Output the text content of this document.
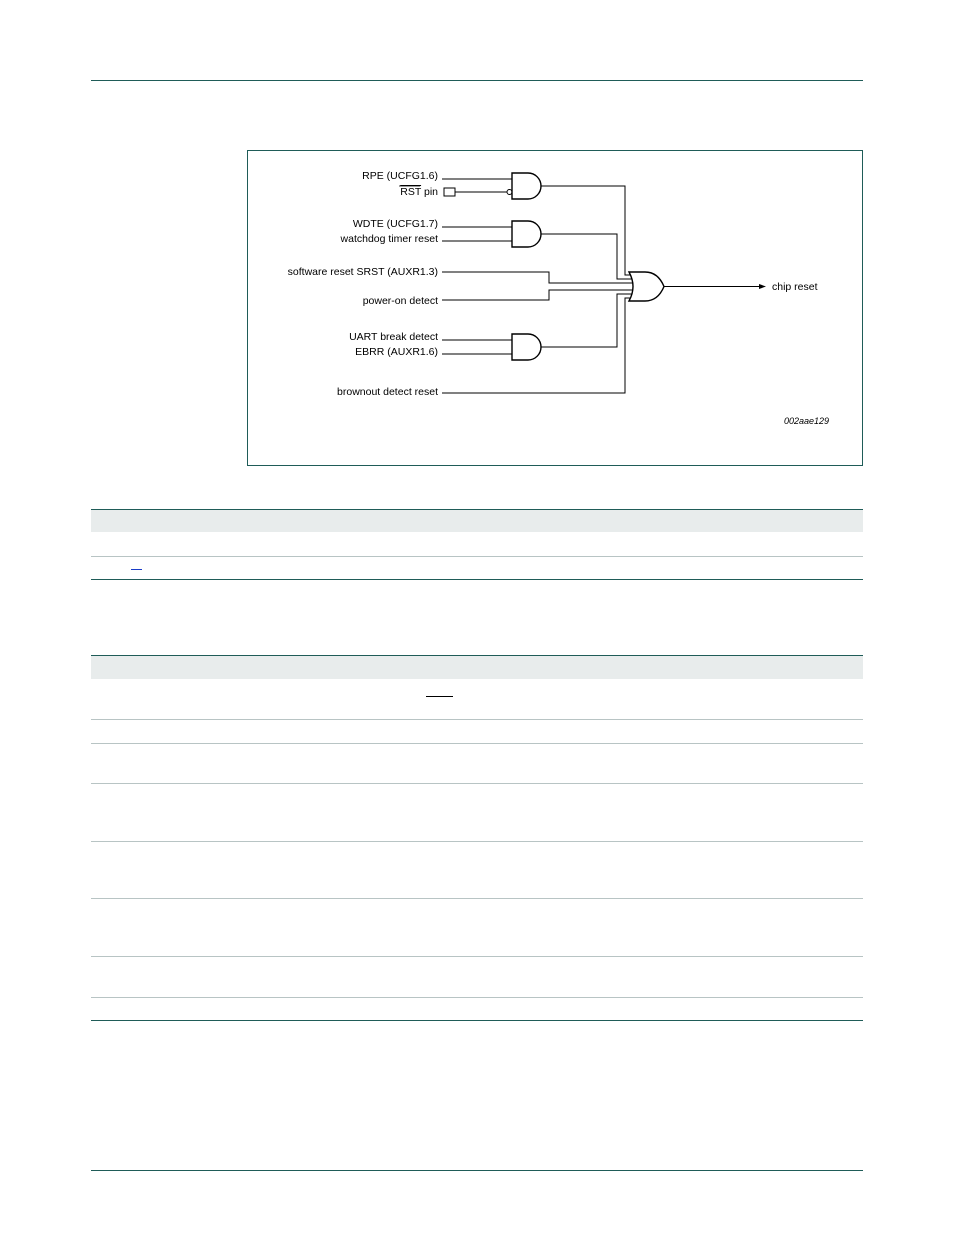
RPE (UCFG1.6)
RST pin
WDTE (UCFG1.7)
watchdog timer reset
software reset SRST (AUXR1.3)
power-on detect
UART break detect
EBRR (AUXR1.6)
brownout detect reset
chip reset
002aae129
